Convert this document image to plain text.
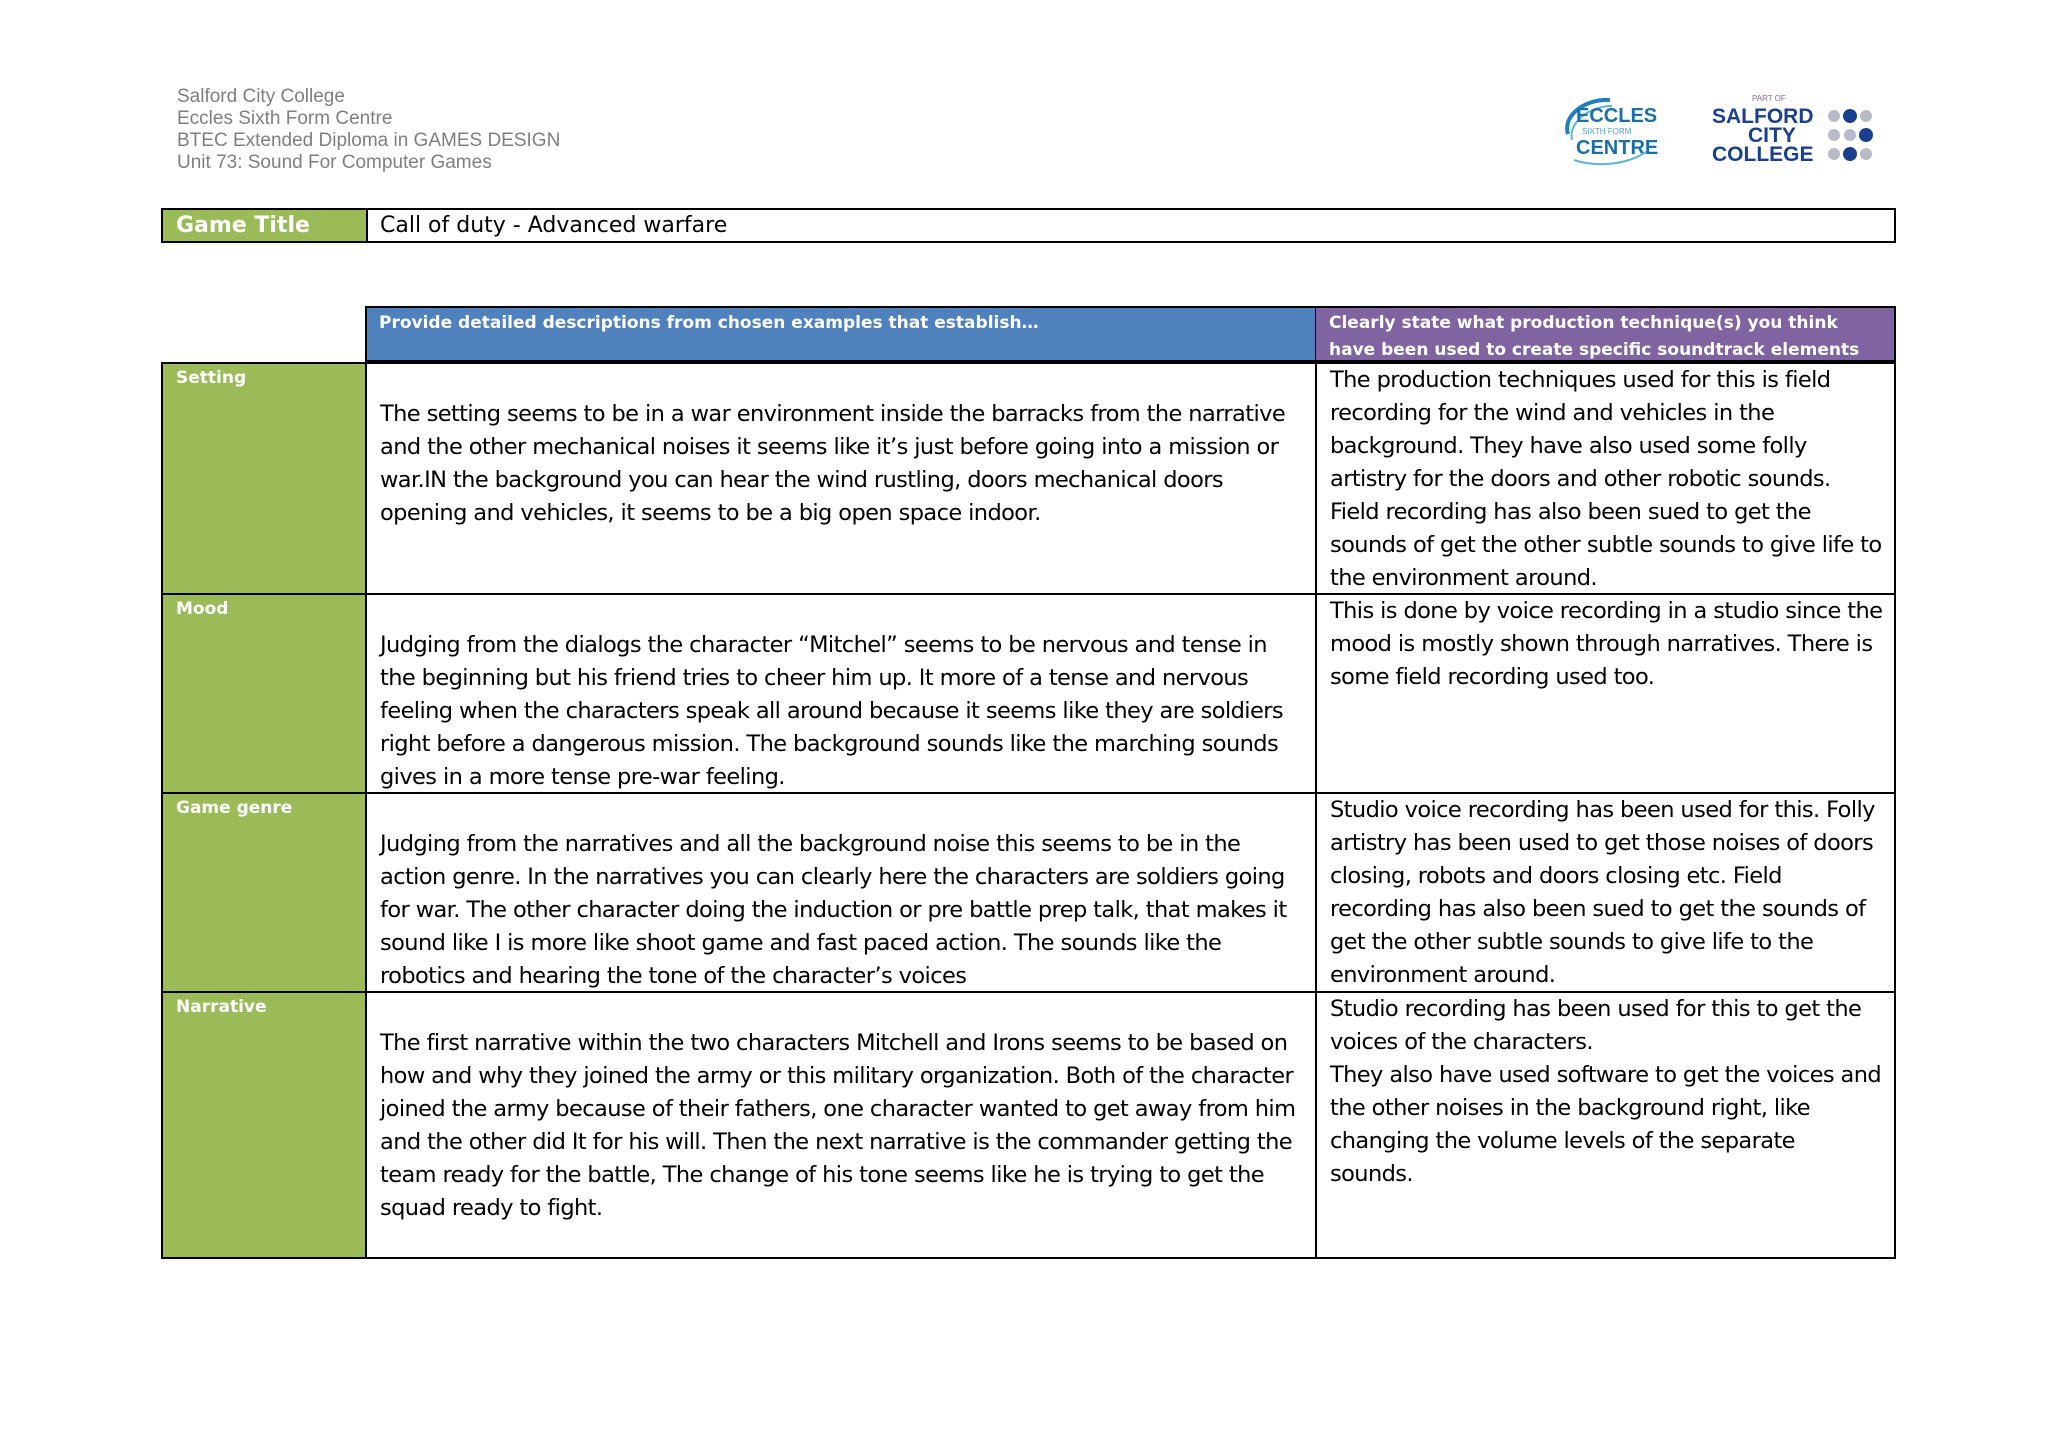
Salford City College
Eccles Sixth Form Centre
BTEC Extended Diploma in GAMES DESIGN
Unit 73: Sound For Computer Games
ECCLES
SIXTH FORM
CENTRE
PART OF
SALFORD
CITY
COLLEGE
Game Title	Call of duty - Advanced warfare
Provide detailed descriptions from chosen examples that establish…	Clearly state what production technique(s) you think have been used to create specific soundtrack elements
Setting
The setting seems to be in a war environment inside the barracks from the narrative and the other mechanical noises it seems like it’s just before going into a mission or war.IN the background you can hear the wind rustling, doors mechanical doors opening and vehicles, it seems to be a big open space indoor.
The production techniques used for this is field recording for the wind and vehicles in the background. They have also used some folly artistry for the doors and other robotic sounds. Field recording has also been sued to get the sounds of get the other subtle sounds to give life to the environment around.
Mood
Judging from the dialogs the character “Mitchel” seems to be nervous and tense in the beginning but his friend tries to cheer him up. It more of a tense and nervous feeling when the characters speak all around because it seems like they are soldiers right before a dangerous mission. The background sounds like the marching sounds gives in a more tense pre-war feeling.
This is done by voice recording in a studio since the mood is mostly shown through narratives. There is some field recording used too.
Game genre
Judging from the narratives and all the background noise this seems to be in the action genre. In the narratives you can clearly here the characters are soldiers going for war. The other character doing the induction or pre battle prep talk, that makes it sound like I is more like shoot game and fast paced action. The sounds like the robotics and hearing the tone of the character’s voices
Studio voice recording has been used for this. Folly artistry has been used to get those noises of doors closing, robots and doors closing etc. Field recording has also been sued to get the sounds of get the other subtle sounds to give life to the environment around.
Narrative
The first narrative within the two characters Mitchell and Irons seems to be based on how and why they joined the army or this military organization. Both of the character joined the army because of their fathers, one character wanted to get away from him and the other did It for his will. Then the next narrative is the commander getting the team ready for the battle, The change of his tone seems like he is trying to get the squad ready to fight.
Studio recording has been used for this to get the voices of the characters.
They also have used software to get the voices and the other noises in the background right, like changing the volume levels of the separate sounds.
